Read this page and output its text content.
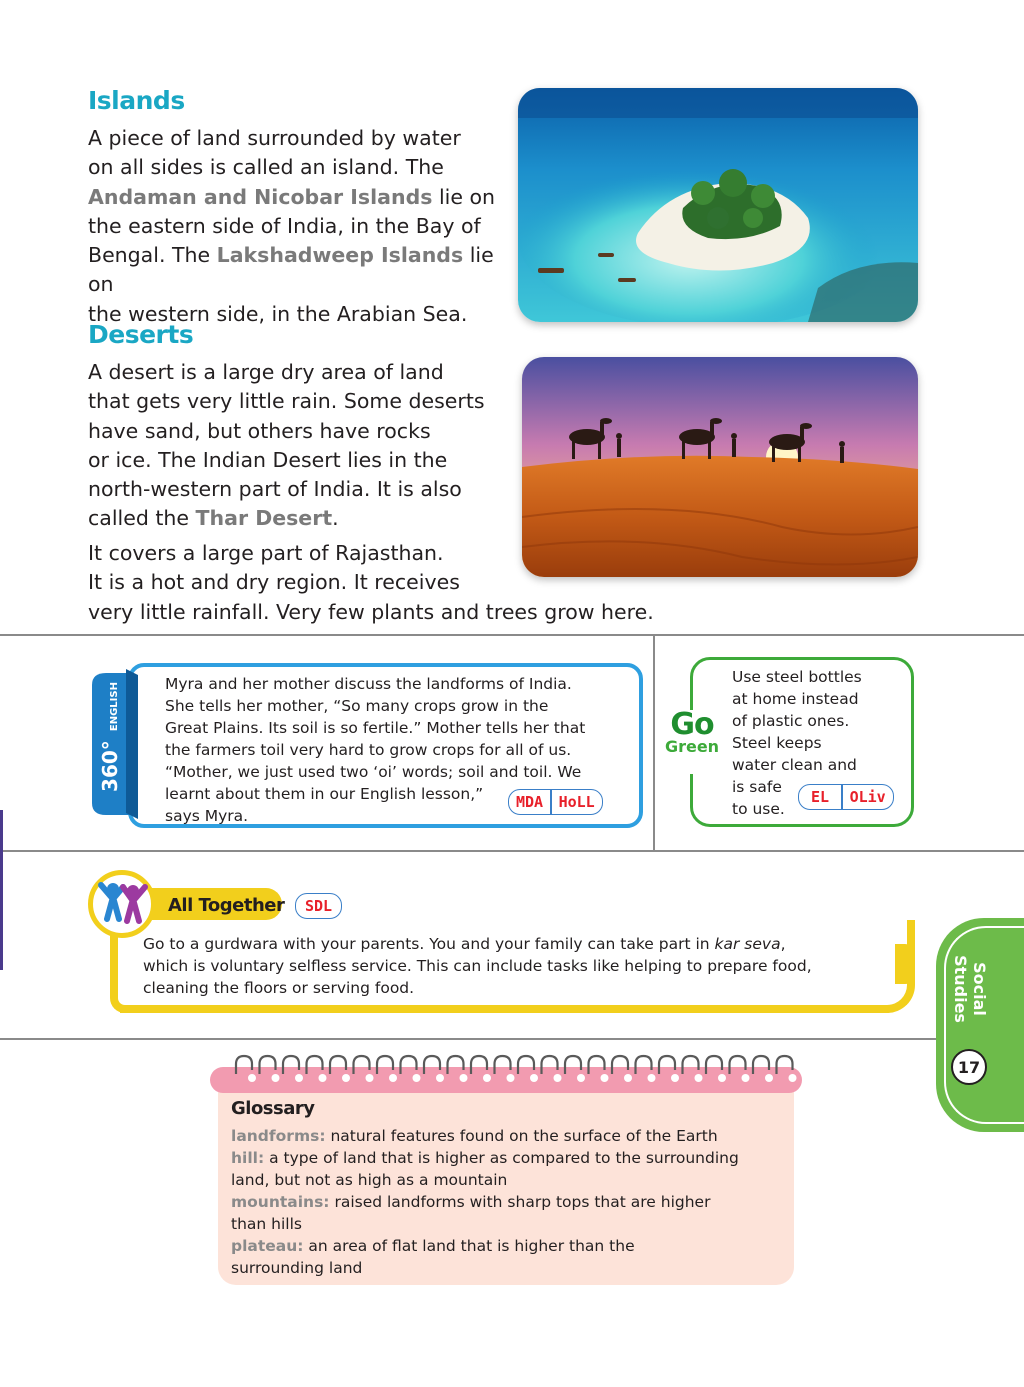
Islands
A piece of land surrounded by water
on all sides is called an island. The
Andaman and Nicobar Islands lie on
the eastern side of India, in the Bay of
Bengal. The Lakshadweep Islands lie on
the western side, in the Arabian Sea.
Deserts
A desert is a large dry area of land
that gets very little rain. Some deserts
have sand, but others have rocks
or ice. The Indian Desert lies in the
north-western part of India. It is also
called the Thar Desert.
It covers a large part of Rajasthan.
It is a hot and dry region. It receives
very little rainfall. Very few plants and trees grow here.
360° ENGLISH	Myra and her mother discuss the landforms of India.
She tells her mother, “So many crops grow in the
Great Plains. Its soil is so fertile.” Mother tells her that
the farmers toil very hard to grow crops for all of us.
“Mother, we just used two ‘oi’ words; soil and toil. We
learnt about them in our English lesson,”
says Myra.
MDA	HoLL
Go
Green
Use steel bottles
at home instead
of plastic ones.
Steel keeps
water clean and
is safe
to use.
EL	OLiv
All Together	SDL
Go to a gurdwara with your parents. You and your family can take part in kar seva,
which is voluntary selfless service. This can include tasks like helping to prepare food,
cleaning the floors or serving food.	Social
Studies
17
Glossary
landforms: natural features found on the surface of the Earth
hill: a type of land that is higher as compared to the surrounding
land, but not as high as a mountain
mountains: raised landforms with sharp tops that are higher
than hills
plateau: an area of flat land that is higher than the
surrounding land
